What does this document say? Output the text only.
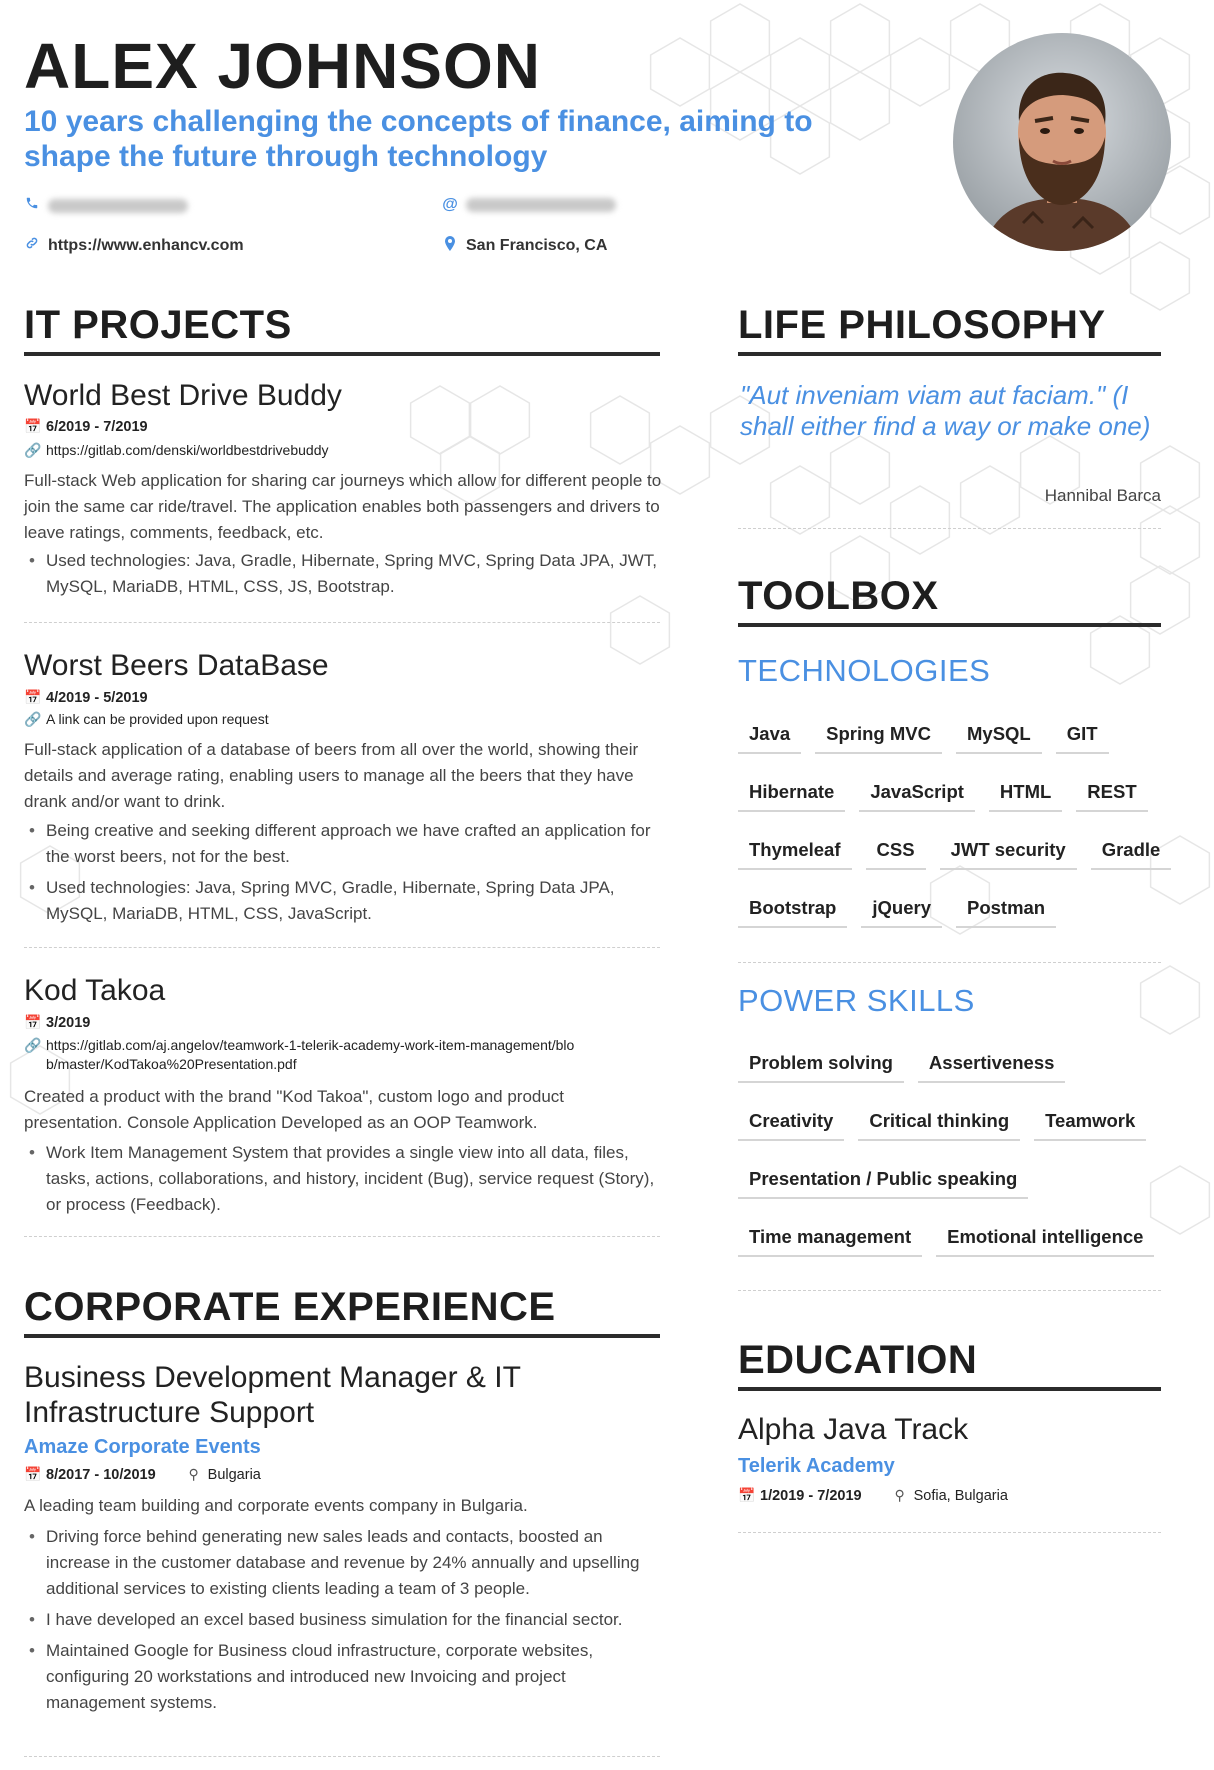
ALEX JOHNSON

10 years challenging the concepts of finance, aiming to shape the future through technology

@
https://www.enhancv.com	San Francisco, CA
IT PROJECTS
World Best Drive Buddy
📅 6/2019 - 7/2019
🔗 https://gitlab.com/denski/worldbestdrivebuddy
Full-stack Web application for sharing car journeys which allow for different people to join the same car ride/travel. The application enables both passengers and drivers to leave ratings, comments, feedback, etc.
• Used technologies: Java, Gradle, Hibernate, Spring MVC, Spring Data JPA, JWT, MySQL, MariaDB, HTML, CSS, JS, Bootstrap.
Worst Beers DataBase
📅 4/2019 - 5/2019
🔗 A link can be provided upon request
Full-stack application of a database of beers from all over the world, showing their details and average rating, enabling users to manage all the beers that they have drank and/or want to drink.
• Being creative and seeking different approach we have crafted an application for the worst beers, not for the best.
• Used technologies: Java, Spring MVC, Gradle, Hibernate, Spring Data JPA, MySQL, MariaDB, HTML, CSS, JavaScript.
Kod Takoa
📅 3/2019
🔗 https://gitlab.com/aj.angelov/teamwork-1-telerik-academy-work-item-management/blob/master/KodTakoa%20Presentation.pdf
Created a product with the brand "Kod Takoa", custom logo and product presentation. Console Application Developed as an OOP Teamwork.
• Work Item Management System that provides a single view into all data, files, tasks, actions, collaborations, and history, incident (Bug), service request (Story), or process (Feedback).
CORPORATE EXPERIENCE
Business Development Manager & IT Infrastructure Support
Amaze Corporate Events
📅 8/2017 - 10/2019 ⚲ Bulgaria
A leading team building and corporate events company in Bulgaria.
• Driving force behind generating new sales leads and contacts, boosted an increase in the customer database and revenue by 24% annually and upselling additional services to existing clients leading a team of 3 people.
• I have developed an excel based business simulation for the financial sector.
• Maintained Google for Business cloud infrastructure, corporate websites, configuring 20 workstations and introduced new Invoicing and project management systems.
LIFE PHILOSOPHY
"Aut inveniam viam aut faciam." (I shall either find a way or make one)
Hannibal Barca
TOOLBOX
TECHNOLOGIES
Java	Spring MVC	MySQL	GIT
Hibernate	JavaScript	HTML	REST
Thymeleaf	CSS	JWT security	Gradle
Bootstrap	jQuery	Postman
POWER SKILLS
Problem solving	Assertiveness
Creativity	Critical thinking	Teamwork
Presentation / Public speaking
Time management	Emotional intelligence
EDUCATION
Alpha Java Track
Telerik Academy
📅 1/2019 - 7/2019 ⚲ Sofia, Bulgaria
